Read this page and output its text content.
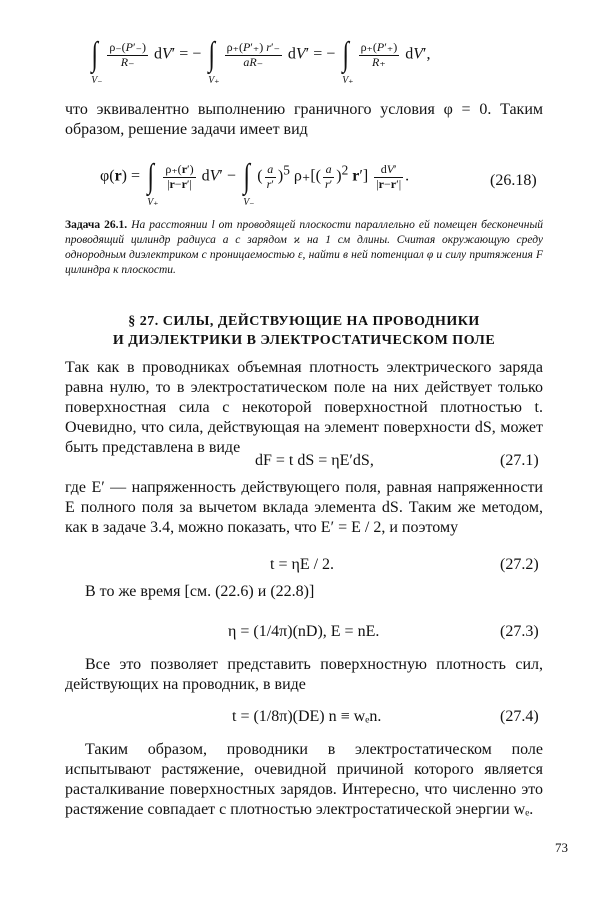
∫
V₋

$\frac{\rho_-(P'_-)}{R_-} dV'$ = − ∫
V₊

$\frac{\rho_+(P'_+) r'_-}{aR_-} dV'$ = − ∫
V₊

$\frac{\rho_+(P'_+)}{R_+} dV'$,
что эквивалентно выполнению граничного условия φ = 0. Таким образом, решение задачи имеет вид
φ(r) = ∫
V₊

$\frac{\rho_+(r')}{|r-r'|} dV'$ − ∫
V₋
( $\frac{a}{r'} )^5$ $\rho_+[( \frac{a}{r'} )^2$ $r'] \frac{dV'}{|r-r'|}$ .	(26.18)
Задача 26.1. На расстоянии l от проводящей плоскости параллельно ей помещен бесконечный проводящий цилиндр радиуса a с зарядом ϰ на 1 см длины. Считая окружающую среду однородным диэлектриком с проницаемостью ε, найти в ней потенциал φ и силу притяжения F цилиндра к плоскости.
§ 27. СИЛЫ, ДЕЙСТВУЮЩИЕ НА ПРОВОДНИКИ
И ДИЭЛЕКТРИКИ В ЭЛЕКТРОСТАТИЧЕСКОМ ПОЛЕ
Так как в проводниках объемная плотность электрического заряда равна нулю, то в электростатическом поле на них действует только поверхностная сила с некоторой поверхностной плотностью t. Очевидно, что сила, действующая на элемент поверхности dS, может быть представлена в виде
dF = t dS = ηE′dS,	(27.1)
где E′ — напряженность действующего поля, равная напряженности E полного поля за вычетом вклада элемента dS. Таким же методом, как в задаче 3.4, можно показать, что E′ = E / 2, и поэтому
t = ηE / 2.	(27.2)
В то же время [см. (22.6) и (22.8)]
η = (1/4π)(nD), E = nE.	(27.3)
Все это позволяет представить поверхностную плотность сил, действующих на проводник, в виде
t = (1/8π)(DE) n ≡ wₑn.	(27.4)
Таким образом, проводники в электростатическом поле испытывают растяжение, очевидной причиной которого является расталкивание поверхностных зарядов. Интересно, что численно это растяжение совпадает с плотностью электростатической энергии wₑ.
73
